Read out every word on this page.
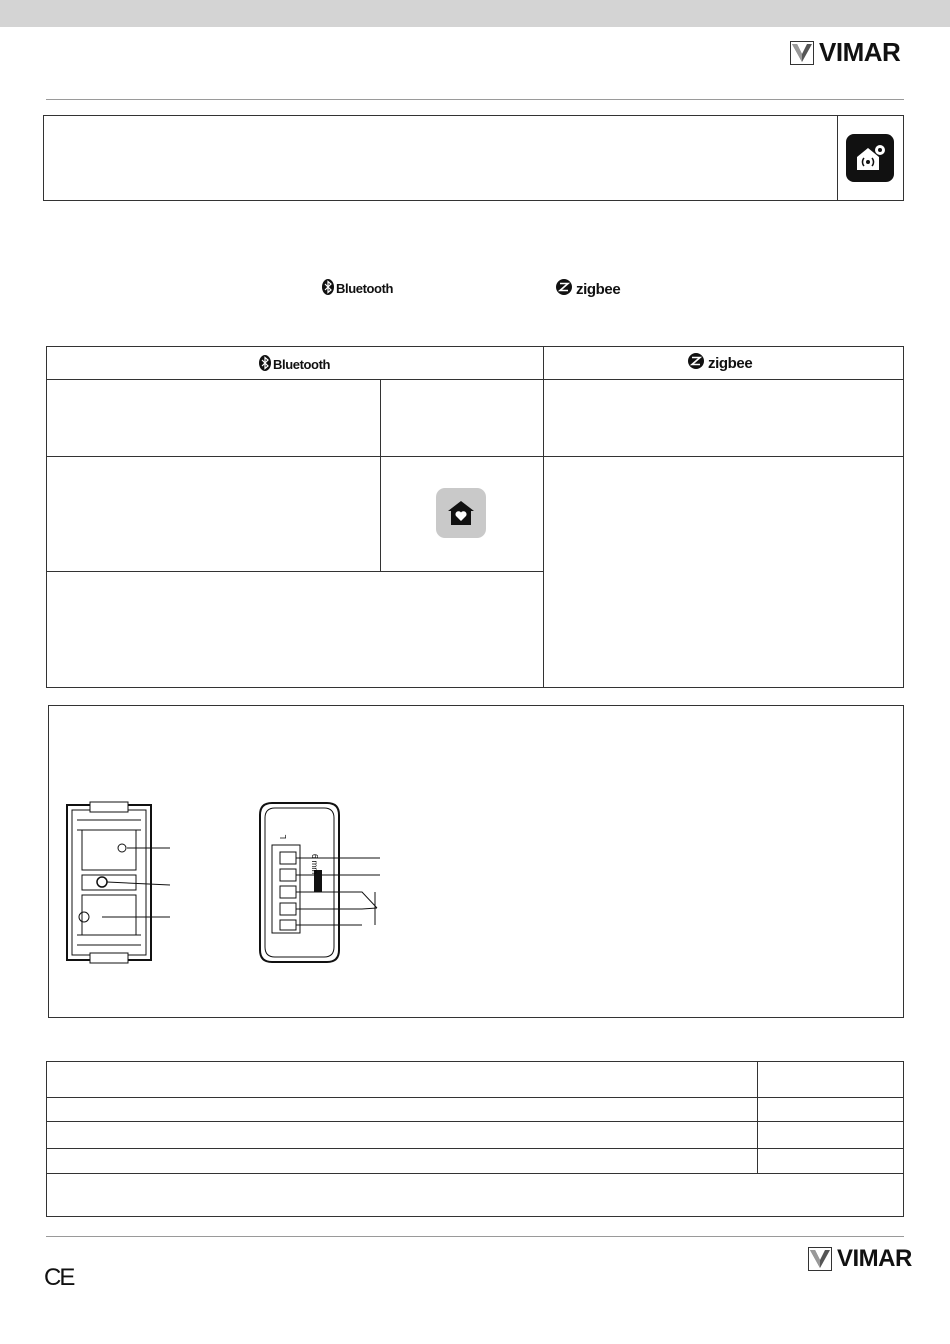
VIMAR
Bluetooth	zigbee
Bluetooth	zigbee
L
6 mm
CE
VIMAR
